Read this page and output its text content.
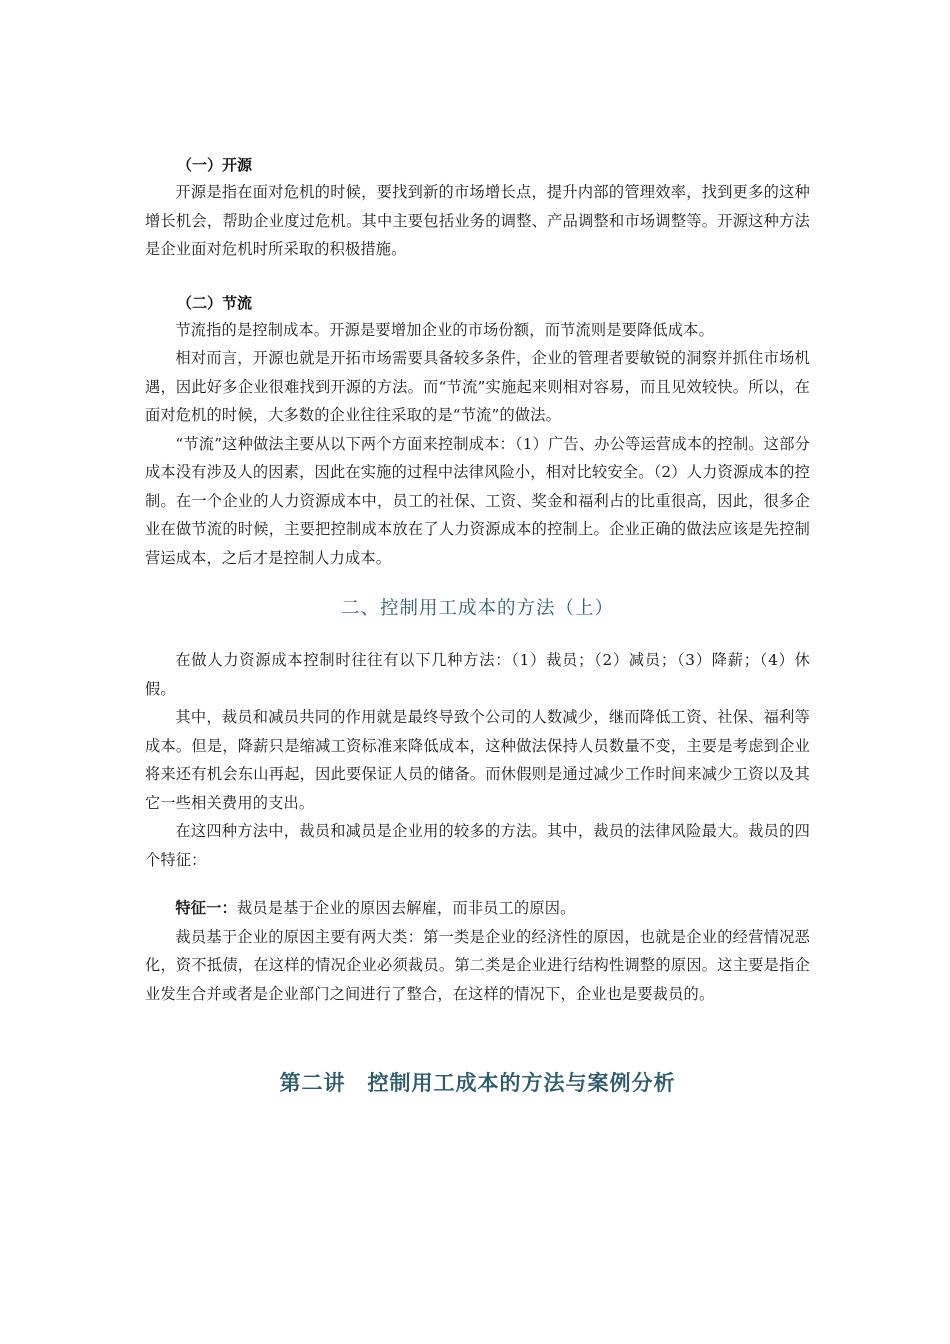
（一）开源

开源是指在面对危机的时候，要找到新的市场增长点，提升内部的管理效率，找到更多的这种增长机会，帮助企业度过危机。其中主要包括业务的调整、产品调整和市场调整等。开源这种方法是企业面对危机时所采取的积极措施。

（二）节流

节流指的是控制成本。开源是要增加企业的市场份额，而节流则是要降低成本。

相对而言，开源也就是开拓市场需要具备较多条件，企业的管理者要敏锐的洞察并抓住市场机遇，因此好多企业很难找到开源的方法。而“节流”实施起来则相对容易，而且见效较快。所以，在面对危机的时候，大多数的企业往往采取的是“节流”的做法。

“节流”这种做法主要从以下两个方面来控制成本：（1）广告、办公等运营成本的控制。这部分成本没有涉及人的因素，因此在实施的过程中法律风险小，相对比较安全。（2）人力资源成本的控制。在一个企业的人力资源成本中，员工的社保、工资、奖金和福利占的比重很高，因此，很多企业在做节流的时候，主要把控制成本放在了人力资源成本的控制上。企业正确的做法应该是先控制营运成本，之后才是控制人力成本。

二、控制用工成本的方法（上）

在做人力资源成本控制时往往有以下几种方法：（1）裁员；（2）减员；（3）降薪；（4）休假。

其中，裁员和减员共同的作用就是最终导致个公司的人数减少，继而降低工资、社保、福利等成本。但是，降薪只是缩减工资标准来降低成本，这种做法保持人员数量不变，主要是考虑到企业将来还有机会东山再起，因此要保证人员的储备。而休假则是通过减少工作时间来减少工资以及其它一些相关费用的支出。

在这四种方法中，裁员和减员是企业用的较多的方法。其中，裁员的法律风险最大。裁员的四个特征：

特征一：裁员是基于企业的原因去解雇，而非员工的原因。

裁员基于企业的原因主要有两大类：第一类是企业的经济性的原因，也就是企业的经营情况恶化，资不抵债，在这样的情况企业必须裁员。第二类是企业进行结构性调整的原因。这主要是指企业发生合并或者是企业部门之间进行了整合，在这样的情况下，企业也是要裁员的。

第二讲　控制用工成本的方法与案例分析
